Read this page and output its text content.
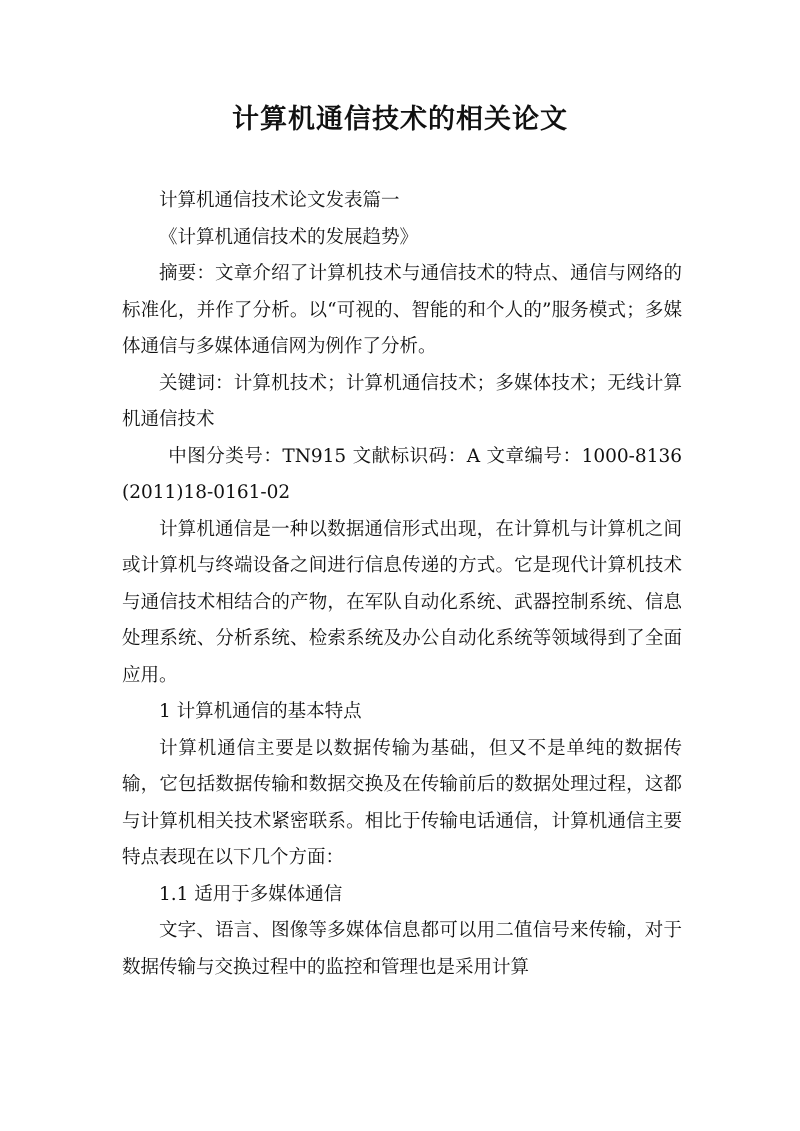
计算机通信技术的相关论文

计算机通信技术论文发表篇一

《计算机通信技术的发展趋势》

摘要：文章介绍了计算机技术与通信技术的特点、通信与网络的标准化，并作了分析。以“可视的、智能的和个人的”服务模式；多媒体通信与多媒体通信网为例作了分析。

关键词：计算机技术；计算机通信技术；多媒体技术；无线计算机通信技术

中图分类号：TN915 文献标识码：A 文章编号：1000-8136(2011)18-0161-02

计算机通信是一种以数据通信形式出现，在计算机与计算机之间或计算机与终端设备之间进行信息传递的方式。它是现代计算机技术与通信技术相结合的产物，在军队自动化系统、武器控制系统、信息处理系统、分析系统、检索系统及办公自动化系统等领域得到了全面应用。

1 计算机通信的基本特点

计算机通信主要是以数据传输为基础，但又不是单纯的数据传输，它包括数据传输和数据交换及在传输前后的数据处理过程，这都与计算机相关技术紧密联系。相比于传输电话通信，计算机通信主要特点表现在以下几个方面：

1.1 适用于多媒体通信

文字、语言、图像等多媒体信息都可以用二值信号来传输，对于数据传输与交换过程中的监控和管理也是采用计算
